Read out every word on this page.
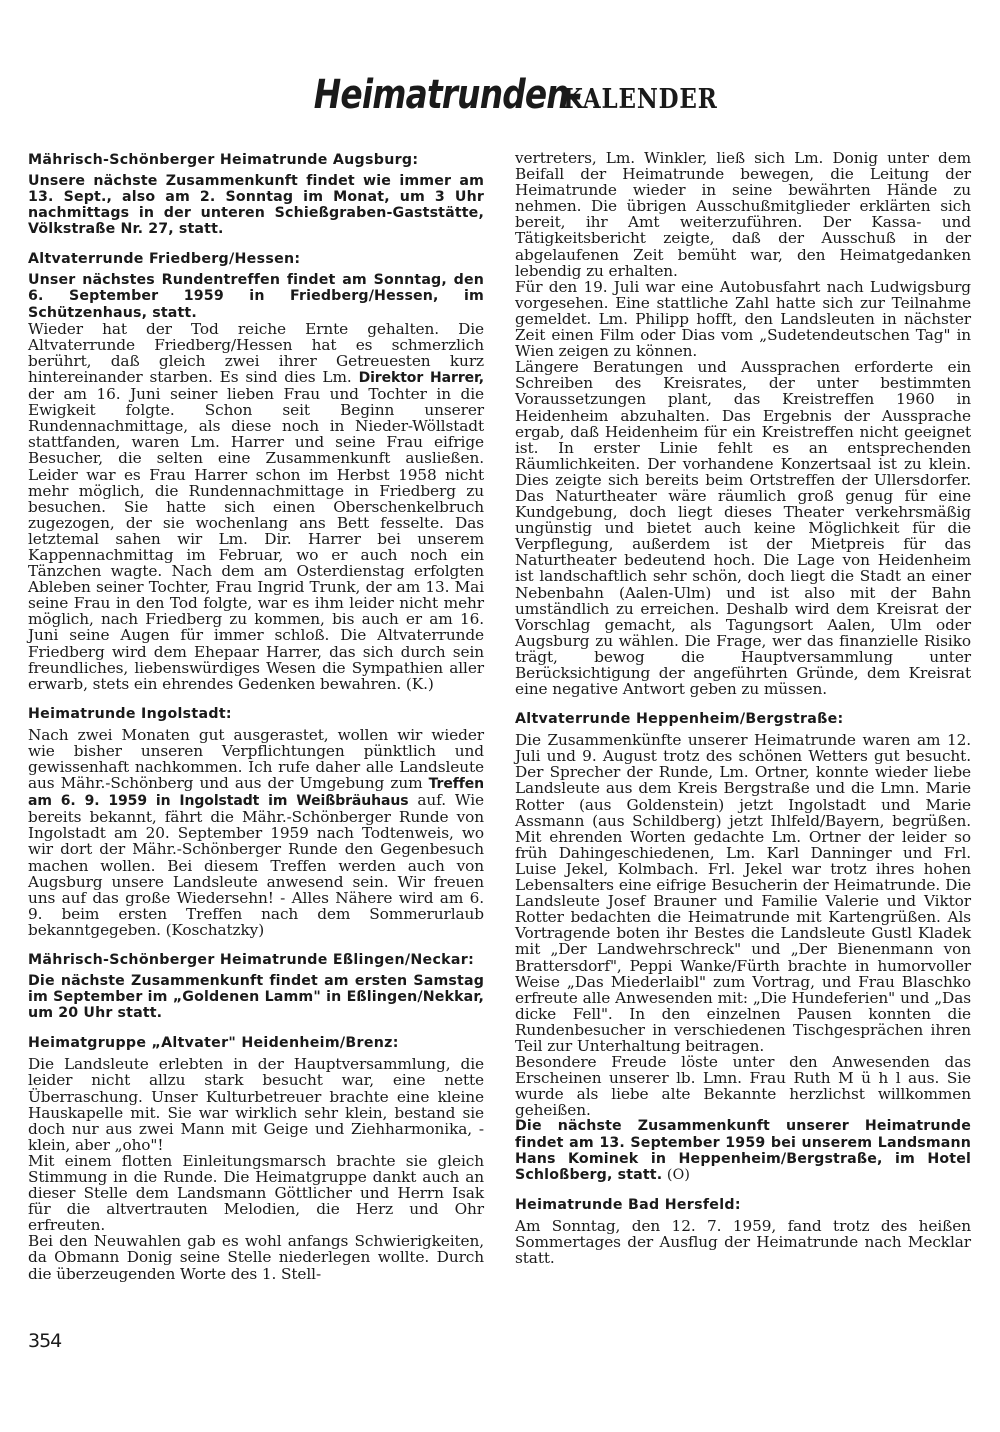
Heimatrunden-KALENDER

Mährisch-Schönberger Heimatrunde Augsburg:

Unsere nächste Zusammenkunft findet wie immer am 13. Sept., also am 2. Sonntag im Monat, um 3 Uhr nachmittags in der unteren Schießgraben-Gaststätte, Völkstraße Nr. 27, statt.

Altvaterrunde Friedberg/Hessen:

Unser nächstes Rundentreffen findet am Sonntag, den 6. September 1959 in Friedberg/Hessen, im Schützenhaus, statt.

Wieder hat der Tod reiche Ernte gehalten. Die Altvaterrunde Friedberg/Hessen hat es schmerzlich berührt, daß gleich zwei ihrer Getreuesten kurz hintereinander starben. Es sind dies Lm. Direktor Harrer, der am 16. Juni seiner lieben Frau und Tochter in die Ewigkeit folgte. Schon seit Beginn unserer Rundennachmittage, als diese noch in Nieder-Wöllstadt stattfanden, waren Lm. Harrer und seine Frau eifrige Besucher, die selten eine Zusammenkunft ausließen. Leider war es Frau Harrer schon im Herbst 1958 nicht mehr möglich, die Rundennachmittage in Friedberg zu besuchen. Sie hatte sich einen Oberschenkelbruch zugezogen, der sie wochenlang ans Bett fesselte. Das letztemal sahen wir Lm. Dir. Harrer bei unserem Kappennachmittag im Februar, wo er auch noch ein Tänzchen wagte. Nach dem am Osterdienstag erfolgten Ableben seiner Tochter, Frau Ingrid Trunk, der am 13. Mai seine Frau in den Tod folgte, war es ihm leider nicht mehr möglich, nach Friedberg zu kommen, bis auch er am 16. Juni seine Augen für immer schloß. Die Altvaterrunde Friedberg wird dem Ehepaar Harrer, das sich durch sein freundliches, liebenswürdiges Wesen die Sympathien aller erwarb, stets ein ehrendes Gedenken bewahren. (K.)

Heimatrunde Ingolstadt:

Nach zwei Monaten gut ausgerastet, wollen wir wieder wie bisher unseren Verpflichtungen pünktlich und gewissenhaft nachkommen. Ich rufe daher alle Landsleute aus Mähr.-Schönberg und aus der Umgebung zum Treffen am 6. 9. 1959 in Ingolstadt im Weißbräuhaus auf. Wie bereits bekannt, fährt die Mähr.-Schönberger Runde von Ingolstadt am 20. September 1959 nach Todtenweis, wo wir dort der Mähr.-Schönberger Runde den Gegenbesuch machen wollen. Bei diesem Treffen werden auch von Augsburg unsere Landsleute anwesend sein. Wir freuen uns auf das große Wiedersehn! - Alles Nähere wird am 6. 9. beim ersten Treffen nach dem Sommerurlaub bekanntgegeben. (Koschatzky)

Mährisch-Schönberger Heimatrunde Eßlingen/Neckar:

Die nächste Zusammenkunft findet am ersten Samstag im September im „Goldenen Lamm" in Eßlingen/Nekkar, um 20 Uhr statt.

Heimatgruppe „Altvater" Heidenheim/Brenz:

Die Landsleute erlebten in der Hauptversammlung, die leider nicht allzu stark besucht war, eine nette Überraschung. Unser Kulturbetreuer brachte eine kleine Hauskapelle mit. Sie war wirklich sehr klein, bestand sie doch nur aus zwei Mann mit Geige und Ziehharmonika, - klein, aber „oho"!

Mit einem flotten Einleitungsmarsch brachte sie gleich Stimmung in die Runde. Die Heimatgruppe dankt auch an dieser Stelle dem Landsmann Göttlicher und Herrn Isak für die altvertrauten Melodien, die Herz und Ohr erfreuten.

Bei den Neuwahlen gab es wohl anfangs Schwierigkeiten, da Obmann Donig seine Stelle niederlegen wollte. Durch die überzeugenden Worte des 1. Stell-

vertreters, Lm. Winkler, ließ sich Lm. Donig unter dem Beifall der Heimatrunde bewegen, die Leitung der Heimatrunde wieder in seine bewährten Hände zu nehmen. Die übrigen Ausschußmitglieder erklärten sich bereit, ihr Amt weiterzuführen. Der Kassa- und Tätigkeitsbericht zeigte, daß der Ausschuß in der abgelaufenen Zeit bemüht war, den Heimatgedanken lebendig zu erhalten.

Für den 19. Juli war eine Autobusfahrt nach Ludwigsburg vorgesehen. Eine stattliche Zahl hatte sich zur Teilnahme gemeldet. Lm. Philipp hofft, den Landsleuten in nächster Zeit einen Film oder Dias vom „Sudetendeutschen Tag" in Wien zeigen zu können.

Längere Beratungen und Aussprachen erforderte ein Schreiben des Kreisrates, der unter bestimmten Voraussetzungen plant, das Kreistreffen 1960 in Heidenheim abzuhalten. Das Ergebnis der Aussprache ergab, daß Heidenheim für ein Kreistreffen nicht geeignet ist. In erster Linie fehlt es an entsprechenden Räumlichkeiten. Der vorhandene Konzertsaal ist zu klein. Dies zeigte sich bereits beim Ortstreffen der Ullersdorfer. Das Naturtheater wäre räumlich groß genug für eine Kundgebung, doch liegt dieses Theater verkehrsmäßig ungünstig und bietet auch keine Möglichkeit für die Verpflegung, außerdem ist der Mietpreis für das Naturtheater bedeutend hoch. Die Lage von Heidenheim ist landschaftlich sehr schön, doch liegt die Stadt an einer Nebenbahn (Aalen-Ulm) und ist also mit der Bahn umständlich zu erreichen. Deshalb wird dem Kreisrat der Vorschlag gemacht, als Tagungsort Aalen, Ulm oder Augsburg zu wählen. Die Frage, wer das finanzielle Risiko trägt, bewog die Hauptversammlung unter Berücksichtigung der angeführten Gründe, dem Kreisrat eine negative Antwort geben zu müssen.

Altvaterrunde Heppenheim/Bergstraße:

Die Zusammenkünfte unserer Heimatrunde waren am 12. Juli und 9. August trotz des schönen Wetters gut besucht. Der Sprecher der Runde, Lm. Ortner, konnte wieder liebe Landsleute aus dem Kreis Bergstraße und die Lmn. Marie Rotter (aus Goldenstein) jetzt Ingolstadt und Marie Assmann (aus Schildberg) jetzt Ihlfeld/Bayern, begrüßen. Mit ehrenden Worten gedachte Lm. Ortner der leider so früh Dahingeschiedenen, Lm. Karl Danninger und Frl. Luise Jekel, Kolmbach. Frl. Jekel war trotz ihres hohen Lebensalters eine eifrige Besucherin der Heimatrunde. Die Landsleute Josef Brauner und Familie Valerie und Viktor Rotter bedachten die Heimatrunde mit Kartengrüßen. Als Vortragende boten ihr Bestes die Landsleute Gustl Kladek mit „Der Landwehrschreck" und „Der Bienenmann von Brattersdorf", Peppi Wanke/Fürth brachte in humorvoller Weise „Das Miederlaibl" zum Vortrag, und Frau Blaschko erfreute alle Anwesenden mit: „Die Hundeferien" und „Das dicke Fell". In den einzelnen Pausen konnten die Rundenbesucher in verschiedenen Tischgesprächen ihren Teil zur Unterhaltung beitragen.

Besondere Freude löste unter den Anwesenden das Erscheinen unserer lb. Lmn. Frau Ruth M ü h l aus. Sie wurde als liebe alte Bekannte herzlichst willkommen geheißen.

Die nächste Zusammenkunft unserer Heimatrunde findet am 13. September 1959 bei unserem Landsmann Hans Kominek in Heppenheim/Bergstraße, im Hotel Schloßberg, statt. (O)

Heimatrunde Bad Hersfeld:

Am Sonntag, den 12. 7. 1959, fand trotz des heißen Sommertages der Ausflug der Heimatrunde nach Mecklar statt.

354
